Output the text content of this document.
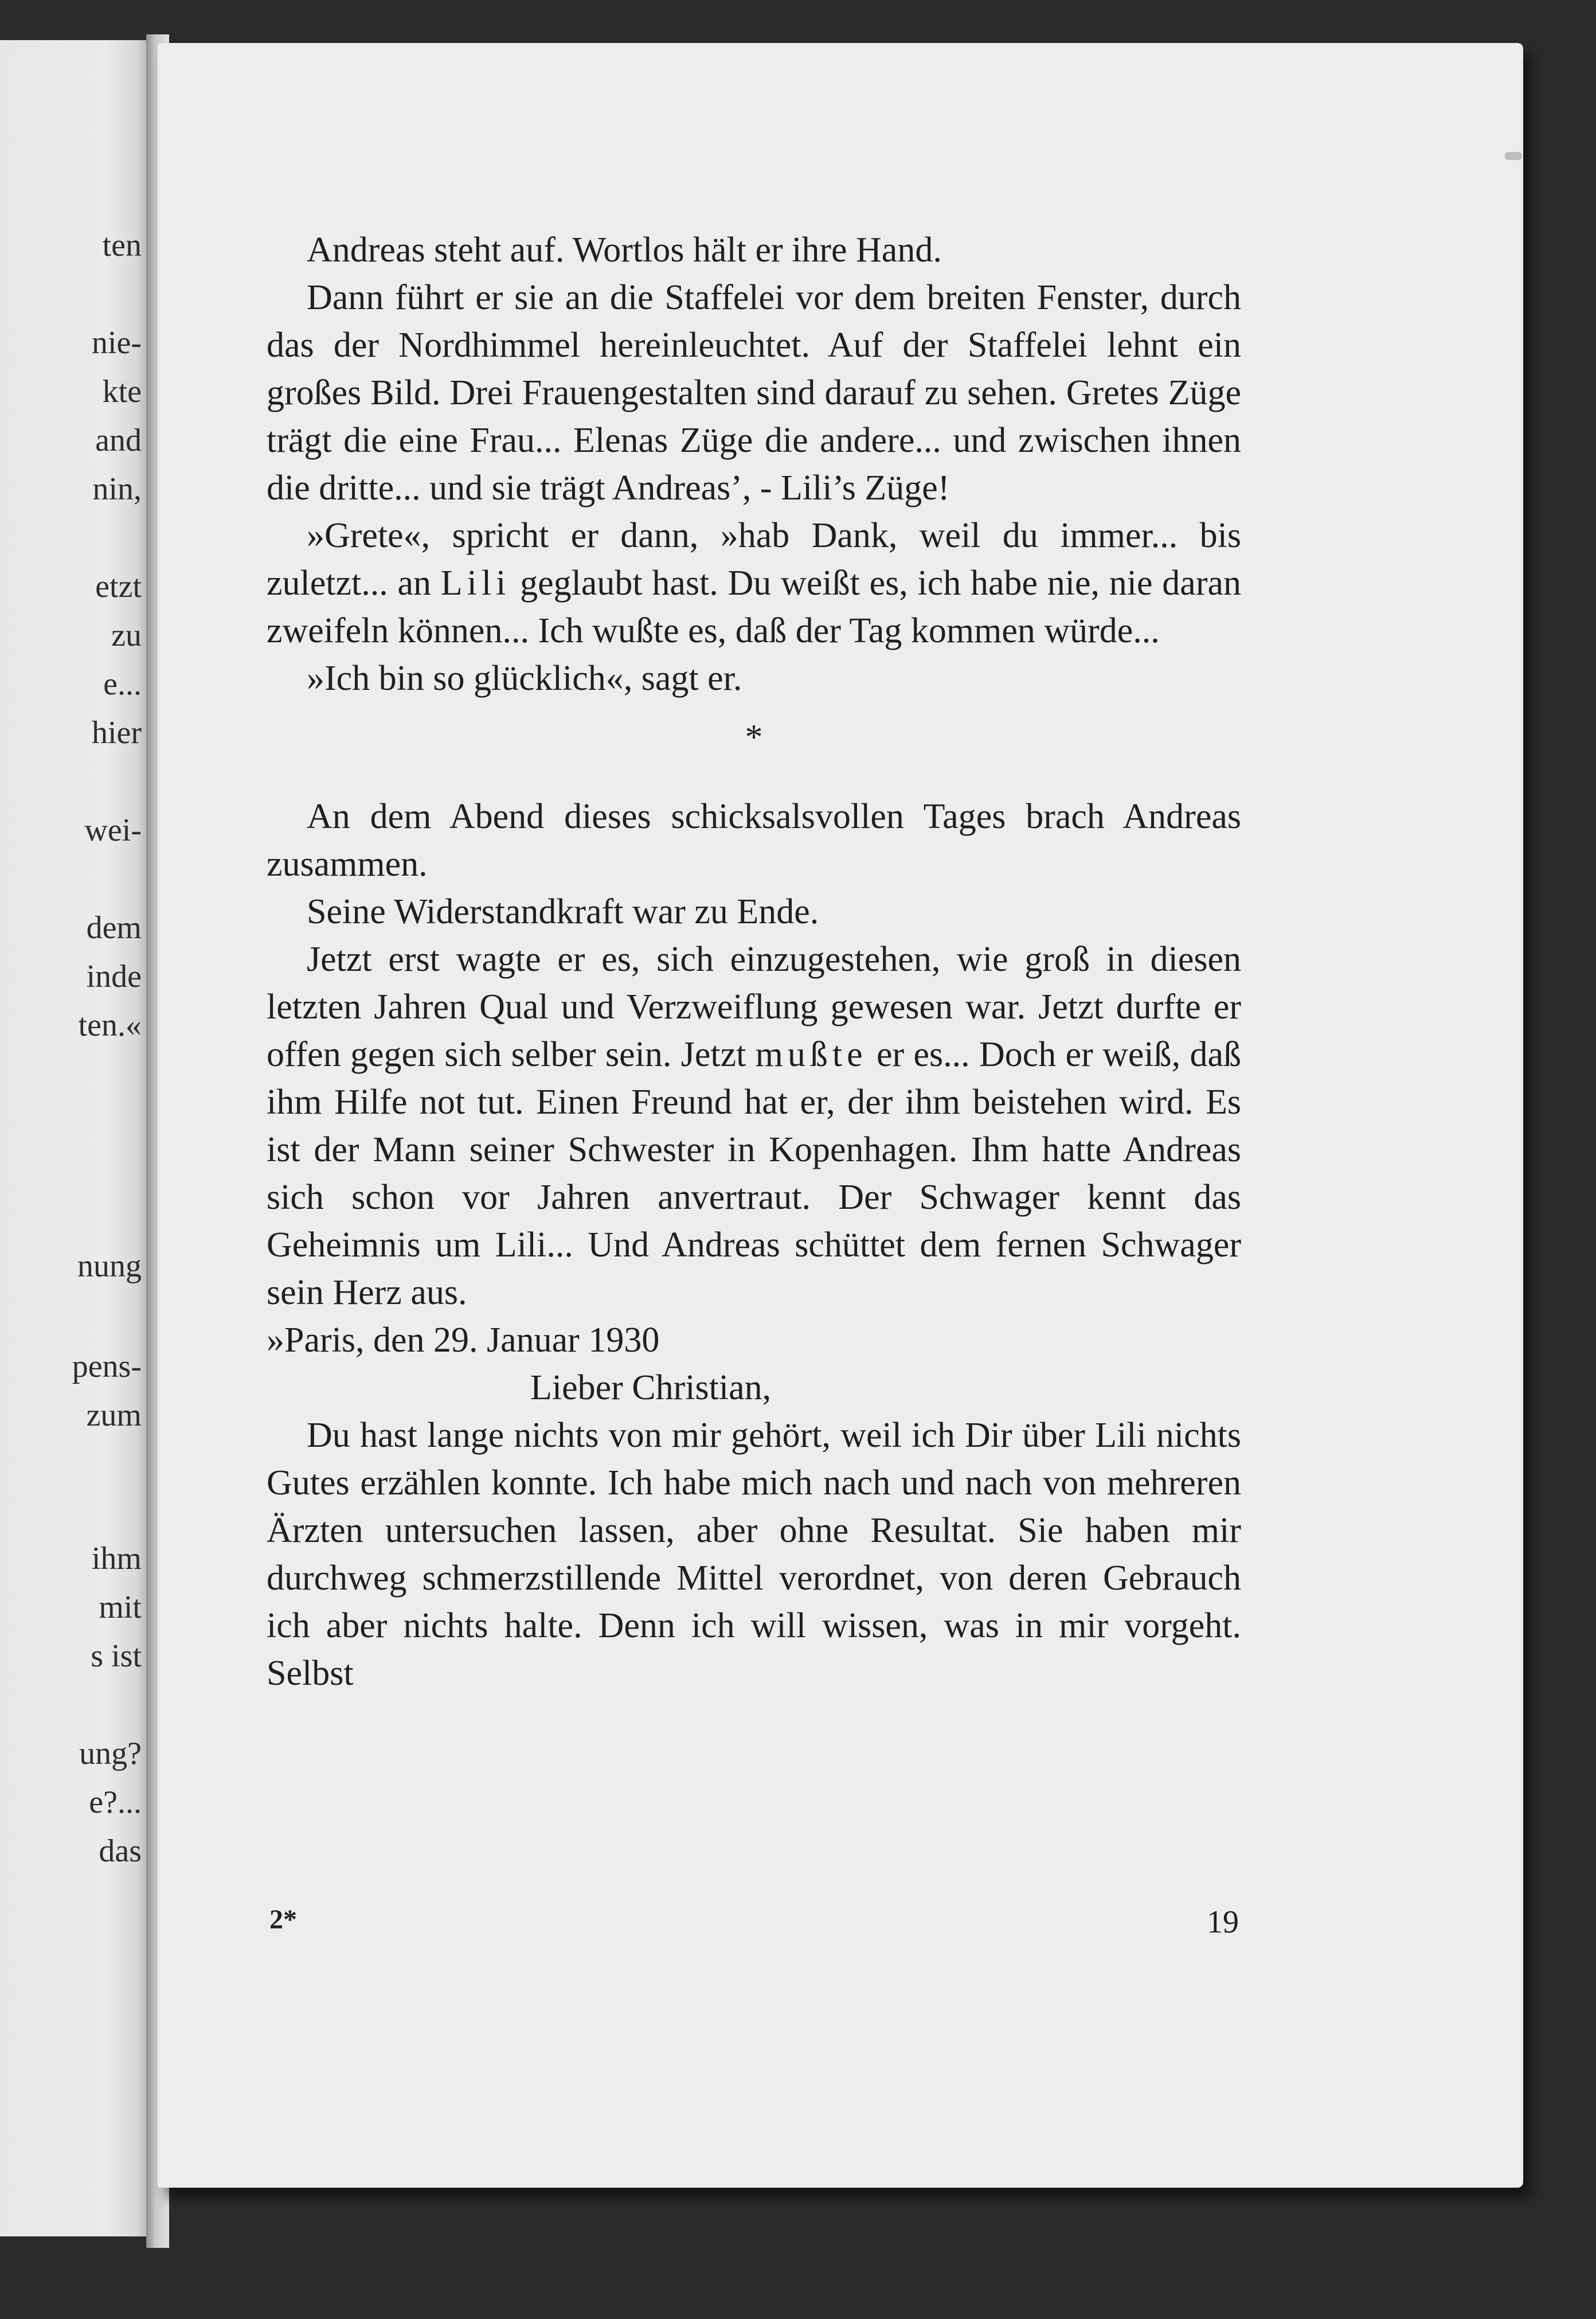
ten
nie-
kte
and
nin,
etzt
zu
e...
hier
wei-
dem
inde
ten.«
nung
pens-
zum
ihm
mit
s ist
ung?
e?...
das

Andreas steht auf. Wortlos hält er ihre Hand.

Dann führt er sie an die Staffelei vor dem breiten Fenster, durch das der Nordhimmel hereinleuchtet. Auf der Staffelei lehnt ein großes Bild. Drei Frauengestalten sind darauf zu sehen. Gretes Züge trägt die eine Frau... Elenas Züge die andere... und zwischen ihnen die dritte... und sie trägt Andreas’, - Lili’s Züge!

»Grete«, spricht er dann, »hab Dank, weil du immer... bis zuletzt... an Lili geglaubt hast. Du weißt es, ich habe nie, nie daran zweifeln können... Ich wußte es, daß der Tag kommen würde...

»Ich bin so glücklich«, sagt er.

*

An dem Abend dieses schicksalsvollen Tages brach Andreas zusammen.

Seine Widerstandkraft war zu Ende.

Jetzt erst wagte er es, sich einzugestehen, wie groß in diesen letzten Jahren Qual und Verzweiflung gewesen war. Jetzt durfte er offen gegen sich selber sein. Jetzt mußte er es... Doch er weiß, daß ihm Hilfe not tut. Einen Freund hat er, der ihm beistehen wird. Es ist der Mann seiner Schwester in Kopenhagen. Ihm hatte Andreas sich schon vor Jahren anvertraut. Der Schwager kennt das Geheimnis um Lili... Und Andreas schüttet dem fernen Schwager sein Herz aus.

»Paris, den 29. Januar 1930

Lieber Christian,

Du hast lange nichts von mir gehört, weil ich Dir über Lili nichts Gutes erzählen konnte. Ich habe mich nach und nach von mehreren Ärzten untersuchen lassen, aber ohne Resultat. Sie haben mir durchweg schmerzstillende Mittel verordnet, von deren Gebrauch ich aber nichts halte. Denn ich will wissen, was in mir vorgeht. Selbst

2*	19
